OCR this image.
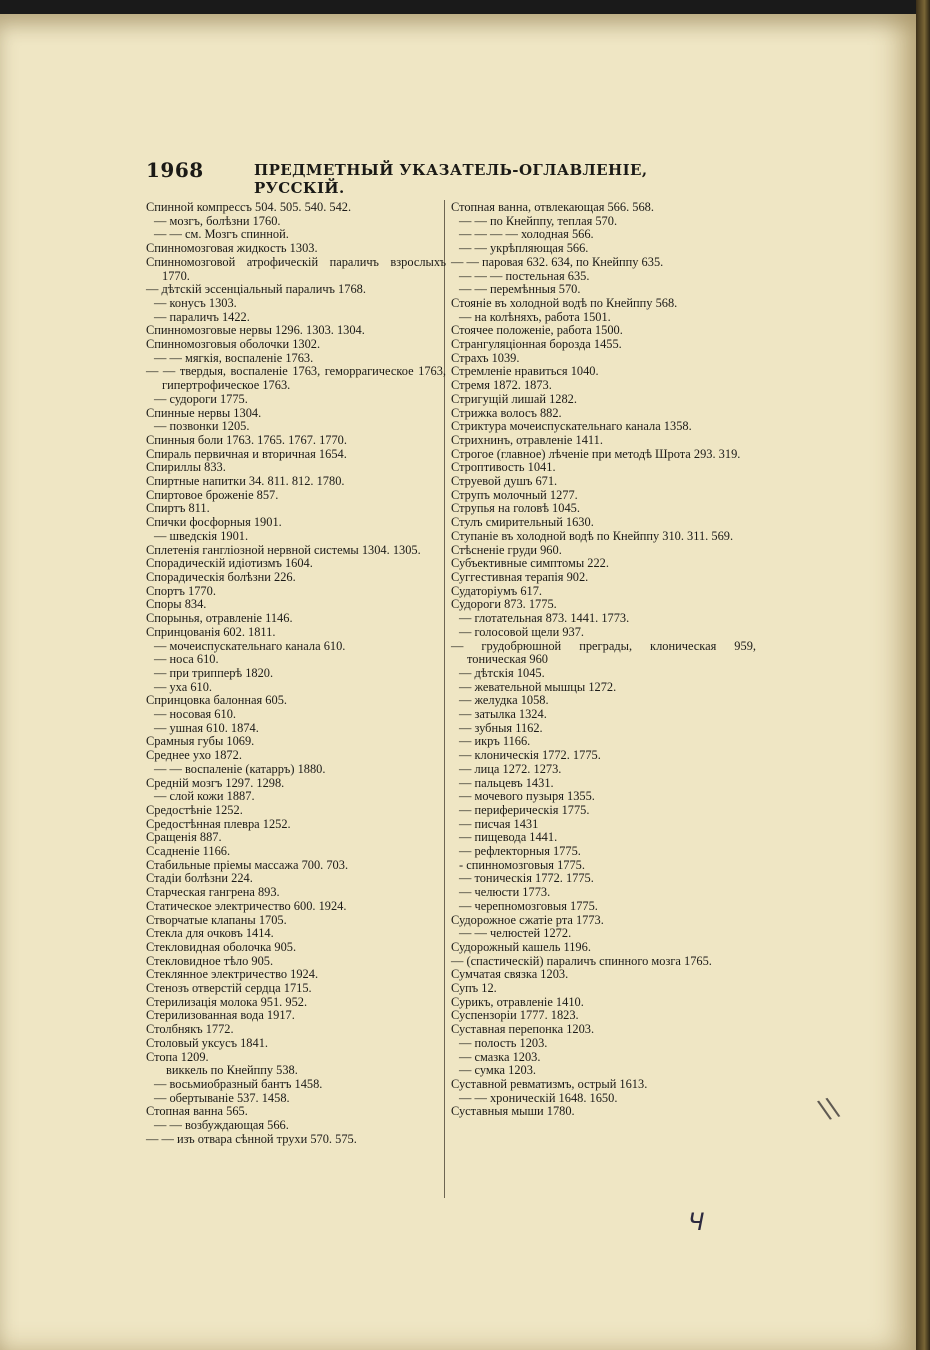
1968	ПРЕДМЕТНЫЙ УКАЗАТЕЛЬ-ОГЛАВЛЕНІЕ, РУССКІЙ.
Спинной компрессъ 504. 505. 540. 542.
— мозгъ, болѣзни 1760.
— — см. Мозгъ спинной.
Спинномозговая жидкость 1303.
Спинномозговой атрофическій параличъ взрослыхъ 1770.
— дѣтскій эссенціальный параличъ 1768.
— конусъ 1303.
— параличъ 1422.
Спинномозговые нервы 1296. 1303. 1304.
Спинномозговыя оболочки 1302.
— — мягкія, воспаленіе 1763.
— — твердыя, воспаленіе 1763, геморрагическое 1763, гипертрофическое 1763.
— судороги 1775.
Спинные нервы 1304.
— позвонки 1205.
Спинныя боли 1763. 1765. 1767. 1770.
Спираль первичная и вторичная 1654.
Спириллы 833.
Спиртные напитки 34. 811. 812. 1780.
Спиртовое броженіе 857.
Спиртъ 811.
Спички фосфорныя 1901.
— шведскія 1901.
Сплетенія ганглiозной нервной системы 1304. 1305.
Спорадическій идіотизмъ 1604.
Спорадическія болѣзни 226.
Спортъ 1770.
Споры 834.
Спорынья, отравленіе 1146.
Спринцованія 602. 1811.
— мочеиспускательнаго канала 610.
— носа 610.
— при трипперѣ 1820.
— уха 610.
Спринцовка балонная 605.
— носовая 610.
— ушная 610. 1874.
Срамныя губы 1069.
Среднее ухо 1872.
— — воспаленіе (катарръ) 1880.
Средній мозгъ 1297. 1298.
— слой кожи 1887.
Средостѣніе 1252.
Средостѣнная плевра 1252.
Сращенія 887.
Ссадненіе 1166.
Стабильные пріемы массажа 700. 703.
Стадіи болѣзни 224.
Старческая гангрена 893.
Статическое электричество 600. 1924.
Створчатые клапаны 1705.
Стекла для очковъ 1414.
Стекловидная оболочка 905.
Стекловидное тѣло 905.
Стеклянное электричество 1924.
Стенозъ отверстій сердца 1715.
Стерилизація молока 951. 952.
Стерилизованная вода 1917.
Столбнякъ 1772.
Столовый уксусъ 1841.
Стопа 1209.
виккель по Кнейппу 538.
— восьмиобразный бантъ 1458.
— обертываніе 537. 1458.
Стопная ванна 565.
— — возбуждающая 566.
— — изъ отвара сѣнной трухи 570. 575.
Стопная ванна, отвлекающая 566. 568.
— — по Кнейппу, теплая 570.
— — — — холодная 566.
— — укрѣпляющая 566.
— — паровая 632. 634, по Кнейппу 635.
— — — постельная 635.
— — перемѣнныя 570.
Стояніе въ холодной водѣ по Кнейппу 568.
— на колѣняхъ, работа 1501.
Стоячее положеніе, работа 1500.
Странгуляціонная борозда 1455.
Страхъ 1039.
Стремленіе нравиться 1040.
Стремя 1872. 1873.
Стригущій лишай 1282.
Стрижка волосъ 882.
Стриктура мочеиспускательнаго канала 1358.
Стрихнинъ, отравленіе 1411.
Строгое (главное) лѣченіе при методѣ Шрота 293. 319.
Строптивость 1041.
Струевой душъ 671.
Струпъ молочный 1277.
Струпья на головѣ 1045.
Стулъ смирительный 1630.
Ступаніе въ холодной водѣ по Кнейппу 310. 311. 569.
Стѣсненіе груди 960.
Субъективные симптомы 222.
Суггестивная терапія 902.
Судаторіумъ 617.
Судороги 873. 1775.
— глотательная 873. 1441. 1773.
— голосовой щели 937.
— грудобрюшной преграды, клоническая 959, тоническая 960
— дѣтскія 1045.
— жевательной мышцы 1272.
— желудка 1058.
— затылка 1324.
— зубныя 1162.
— икръ 1166.
— клоническія 1772. 1775.
— лица 1272. 1273.
— пальцевъ 1431.
— мочевого пузыря 1355.
— периферическія 1775.
— писчая 1431
— пищевода 1441.
— рефлекторныя 1775.
- спинномозговыя 1775.
— тоническія 1772. 1775.
— челюсти 1773.
— черепномозговыя 1775.
Судорожное сжатіе рта 1773.
— — челюстей 1272.
Судорожный кашель 1196.
— (спастическій) параличъ спинного мозга 1765.
Сумчатая связка 1203.
Супъ 12.
Сурикъ, отравленіе 1410.
Суспензоріи 1777. 1823.
Суставная перепонка 1203.
— полость 1203.
— смазка 1203.
— сумка 1203.
Суставной ревматизмъ, острый 1613.
— — хроническій 1648. 1650.
Суставныя мыши 1780.	\\
Ч
